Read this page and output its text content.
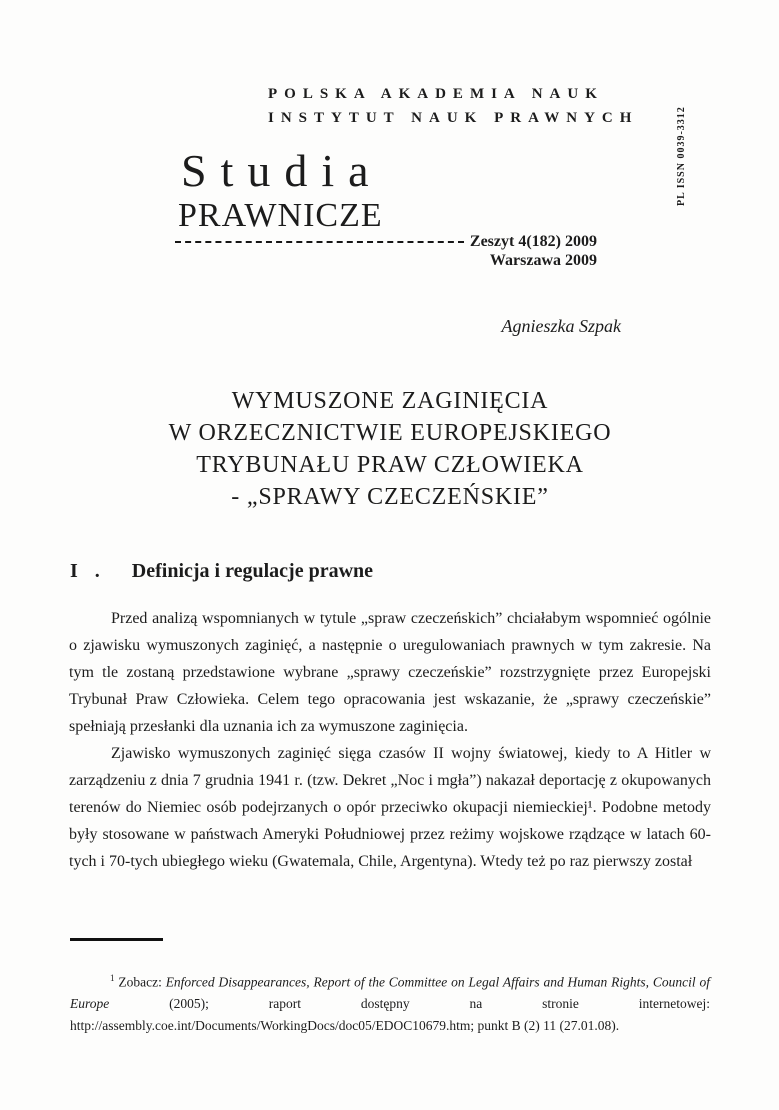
POLSKA AKADEMIA NAUK
INSTYTUT NAUK PRAWNYCH	PL ISSN 0039-3312
Studia
PRAWNICZE
Zeszyt 4(182) 2009
Warszawa 2009
Agnieszka Szpak
WYMUSZONE ZAGINIĘCIA
W ORZECZNICTWIE EUROPEJSKIEGO
TRYBUNAŁU PRAW CZŁOWIEKA
- „SPRAWY CZECZEŃSKIE”
I . Definicja i regulacje prawne

Przed analizą wspomnianych w tytule „spraw czeczeńskich” chciałabym wspomnieć ogólnie o zjawisku wymuszonych zaginięć, a następnie o uregulowaniach prawnych w tym zakresie. Na tym tle zostaną przedstawione wybrane „sprawy czeczeńskie” rozstrzygnięte przez Europejski Trybunał Praw Człowieka. Celem tego opracowania jest wskazanie, że „sprawy czeczeńskie” spełniają przesłanki dla uznania ich za wymuszone zaginięcia.

Zjawisko wymuszonych zaginięć sięga czasów II wojny światowej, kiedy to A Hitler w zarządzeniu z dnia 7 grudnia 1941 r. (tzw. Dekret „Noc i mgła”) nakazał deportację z okupowanych terenów do Niemiec osób podejrzanych o opór przeciwko okupacji niemieckiej¹. Podobne metody były stosowane w państwach Ameryki Południowej przez reżimy wojskowe rządzące w latach 60-tych i 70-tych ubiegłego wieku (Gwatemala, Chile, Argentyna). Wtedy też po raz pierwszy został

$^1$ Zobacz: Enforced Disappearances, Report of the Committee on Legal Affairs and Human Rights, Council of Europe (2005); raport dostępny na stronie internetowej: http://assembly.coe.int/Documents/WorkingDocs/doc05/EDOC10679.htm; punkt B (2) 11 (27.01.08).
